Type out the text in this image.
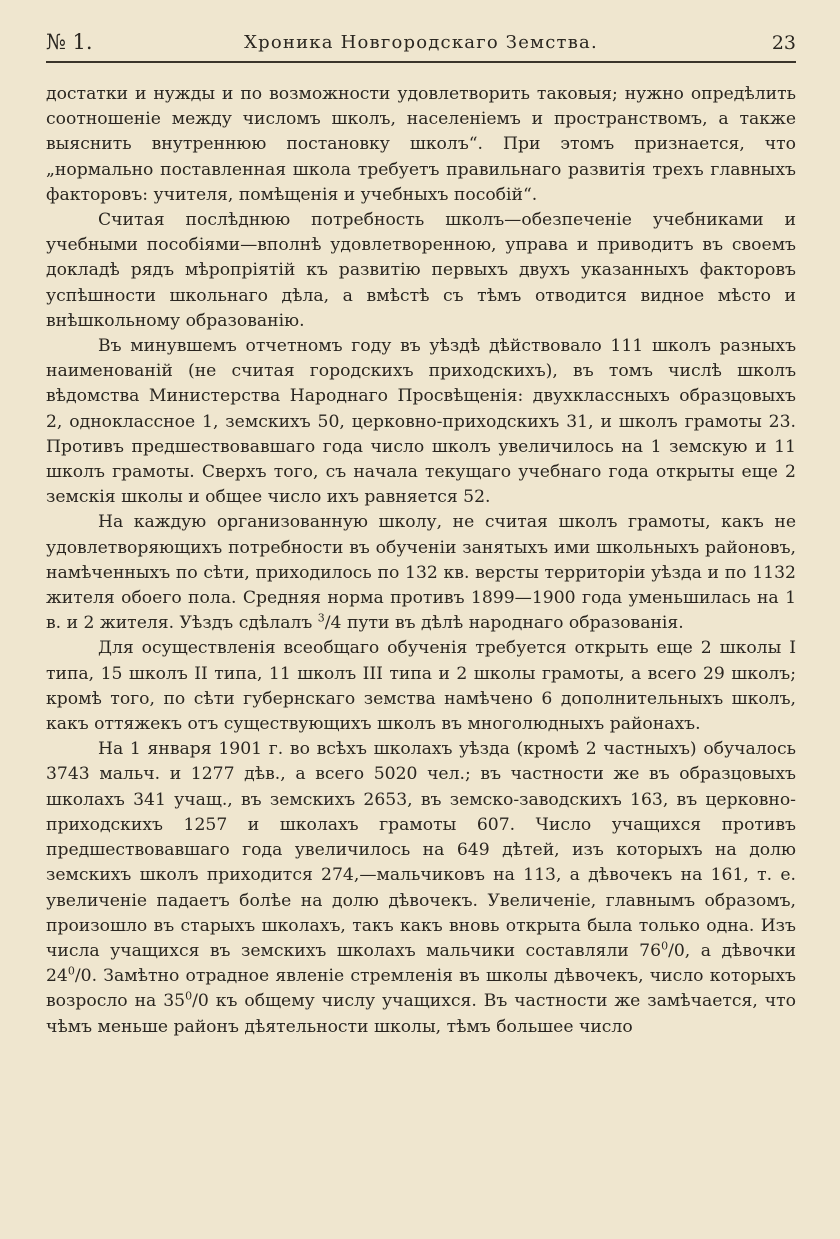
№ 1.	Хроника Новгородскаго Земства.	23

достатки и нужды и по возможности удовлетворить таковыя; нужно опредѣлить соотношеніе между числомъ школъ, населеніемъ и пространствомъ, а также выяснить внутреннюю постановку школъ“. При этомъ признается, что „нормально поставленная школа требуетъ правильнаго развитія трехъ главныхъ факторовъ: учителя, помѣщенія и учебныхъ пособій“.

Считая послѣднюю потребность школъ—обезпеченіе учебниками и учебными пособіями—вполнѣ удовлетворенною, управа и приводитъ въ своемъ докладѣ рядъ мѣропріятій къ развитію первыхъ двухъ указанныхъ факторовъ успѣшности школьнаго дѣла, а вмѣстѣ съ тѣмъ отводится видное мѣсто и внѣшкольному образованію.

Въ минувшемъ отчетномъ году въ уѣздѣ дѣйствовало 111 школъ разныхъ наименованій (не считая городскихъ приходскихъ), въ томъ числѣ школъ вѣдомства Министерства Народнаго Просвѣщенія: двухклассныхъ образцовыхъ 2, одноклассное 1, земскихъ 50, церковно-приходскихъ 31, и школъ грамоты 23. Противъ предшествовавшаго года число школъ увеличилось на 1 земскую и 11 школъ грамоты. Сверхъ того, съ начала текущаго учебнаго года открыты еще 2 земскія школы и общее число ихъ равняется 52.

На каждую организованную школу, не считая школъ грамоты, какъ не удовлетворяющихъ потребности въ обученіи занятыхъ ими школьныхъ районовъ, намѣченныхъ по сѣти, приходилось по 132 кв. версты территоріи уѣзда и по 1132 жителя обоего пола. Средняя норма противъ 1899—1900 года уменьшилась на 1 в. и 2 жителя. Уѣздъ сдѣлалъ $^3$/4 пути въ дѣлѣ народнаго образованія.

Для осуществленія всеобщаго обученія требуется открыть еще 2 школы I типа, 15 школъ II типа, 11 школъ III типа и 2 школы грамоты, а всего 29 школъ; кромѣ того, по сѣти губернскаго земства намѣчено 6 дополнительныхъ школъ, какъ оттяжекъ отъ существующихъ школъ въ многолюдныхъ районахъ.

На 1 января 1901 г. во всѣхъ школахъ уѣзда (кромѣ 2 частныхъ) обучалось 3743 мальч. и 1277 дѣв., а всего 5020 чел.; въ частности же въ образцовыхъ школахъ 341 учащ., въ земскихъ 2653, въ земско-заводскихъ 163, въ церковно-приходскихъ 1257 и школахъ грамоты 607. Число учащихся противъ предшествовавшаго года увеличилось на 649 дѣтей, изъ которыхъ на долю земскихъ школъ приходится 274,—мальчиковъ на 113, а дѣвочекъ на 161, т. е. увеличеніе падаетъ болѣе на долю дѣвочекъ. Увеличеніе, главнымъ образомъ, произошло въ старыхъ школахъ, такъ какъ вновь открыта была только одна. Изъ числа учащихся въ земскихъ школахъ мальчики составляли $76^0/0$, а дѣвочки $24^0/0$. Замѣтно отрадное явленіе стремленія въ школы дѣвочекъ, число которыхъ возросло на $35^0/0$ къ общему числу учащихся. Въ частности же замѣчается, что чѣмъ меньше районъ дѣятельности школы, тѣмъ большее число
